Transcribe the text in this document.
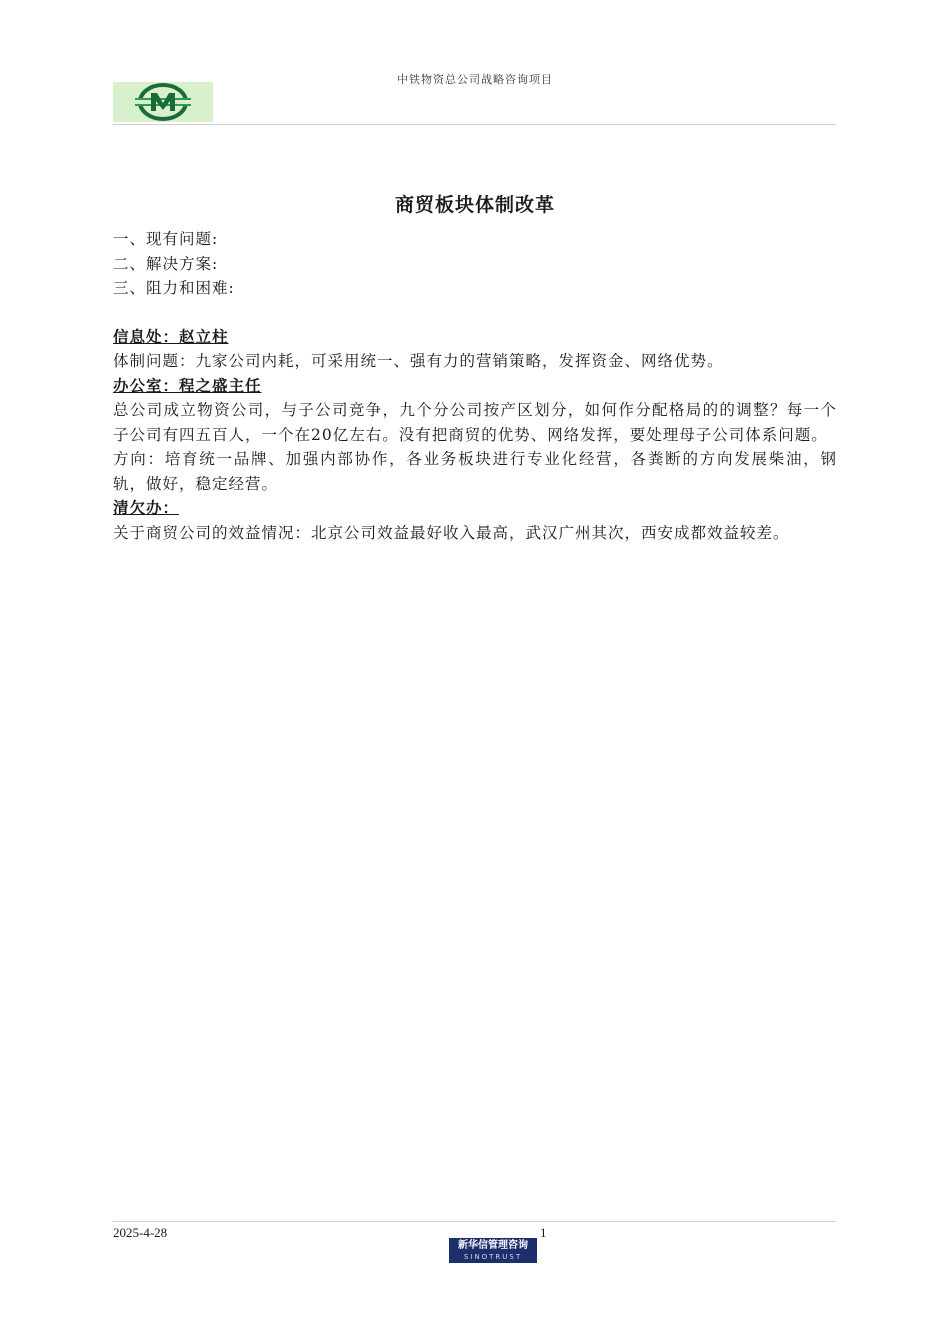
中铁物资总公司战略咨询项目
商贸板块体制改革

一、现有问题:

二、解决方案:

三、阻力和困难:

信息处：赵立柱

体制问题：九家公司内耗，可采用统一、强有力的营销策略，发挥资金、网络优势。

办公室：程之盛主任

总公司成立物资公司，与子公司竞争，九个分公司按产区划分，如何作分配格局的的调整？每一个子公司有四五百人，一个在20亿左右。没有把商贸的优势、网络发挥，要处理母子公司体系问题。

方向：培育统一品牌、加强内部协作，各业务板块进行专业化经营，各粪断的方向发展柴油，钢轨，做好，稳定经营。

清欠办：

关于商贸公司的效益情况：北京公司效益最好收入最高，武汉广州其次，西安成都效益较差。

2025-4-28	1
新华信管理咨询
SINOTRUST
